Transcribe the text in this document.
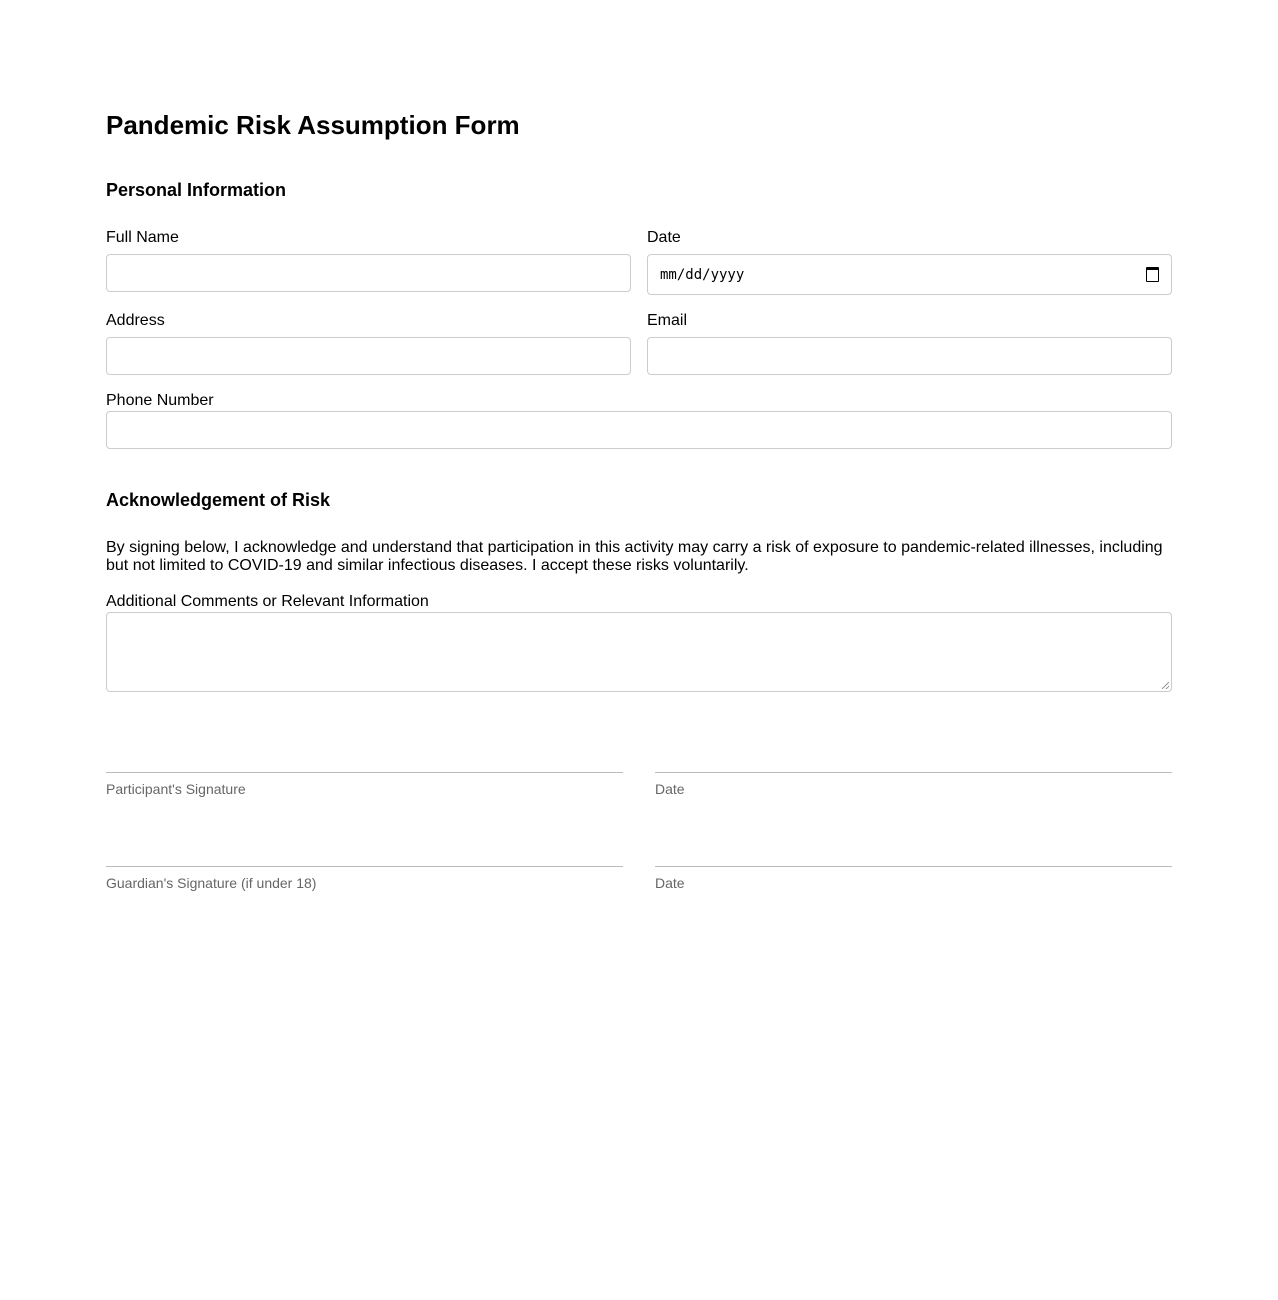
Pandemic Risk Assumption Form
Personal Information
Full Name	Date
mm/dd/yyyy
Address	Email
Phone Number
Acknowledgement of Risk

By signing below, I acknowledge and understand that participation in this activity may carry a risk of exposure to pandemic-related illnesses, including but not limited to COVID-19 and similar infectious diseases. I accept these risks voluntarily.

Additional Comments or Relevant Information
Participant's Signature	Date
Guardian's Signature (if under 18)	Date
